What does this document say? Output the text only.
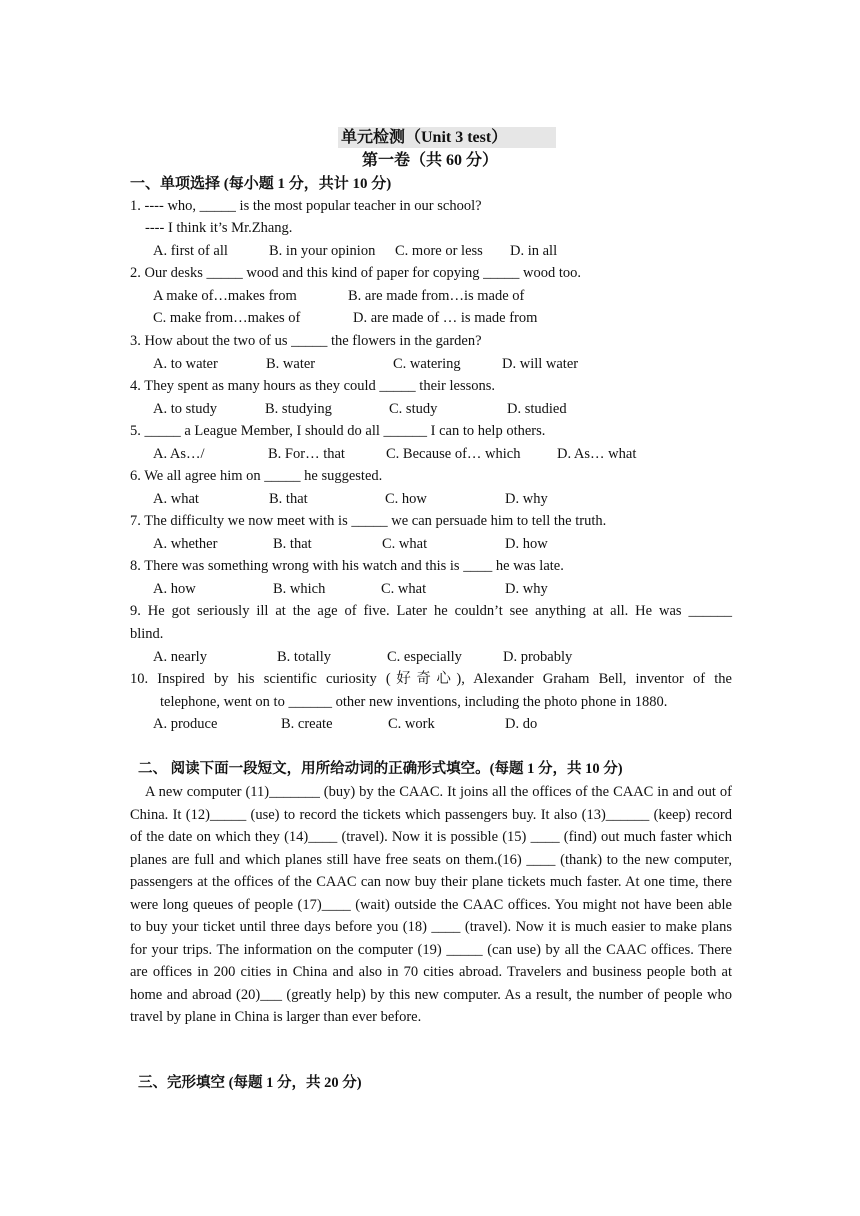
单元检测（Unit 3 test）
第一卷（共 60 分）
一、单项选择 (每小题 1 分，共计 10 分)
1. ---- who, _____ is the most popular teacher in our school?
---- I think it’s Mr.Zhang.
A. first of all	B. in your opinion C. more or less D. in all
2. Our desks _____ wood and this kind of paper for copying _____ wood too.
A make of…makes from	B. are made from…is made of
C. make from…makes of	D. are made of … is made from
3. How about the two of us _____ the flowers in the garden?
A. to water	B. water	C. watering	D. will water
4. They spent as many hours as they could _____ their lessons.
A. to study	B. studying	C. study	D. studied
5. _____ a League Member, I should do all ______ I can to help others.
A. As…/	B. For… that	C. Because of… which	D. As… what
6. We all agree him on _____ he suggested.
A. what	B. that	C. how	D. why
7. The difficulty we now meet with is _____ we can persuade him to tell the truth.
A. whether	B. that	C. what	D. how
8. There was something wrong with his watch and this is ____ he was late.
A. how	B. which	C. what	D. why
9. He got seriously ill at the age of five. Later he couldn’t see anything at all. He was ______
blind.
A. nearly	B. totally	C. especially	D. probably
10. Inspired by his scientific curiosity (好奇心), Alexander Graham Bell, inventor of the
telephone, went on to ______ other new inventions, including the photo phone in 1880.
A. produce	B. create	C. work	D. do
二、 阅读下面一段短文，用所给动词的正确形式填空。(每题 1 分，共 10 分)

A new computer (11)_______ (buy) by the CAAC. It joins all the offices of the CAAC in and out of China. It (12)_____ (use) to record the tickets which passengers buy. It also (13)______ (keep) record of the date on which they (14)____ (travel). Now it is possible (15) ____ (find) out much faster which planes are full and which planes still have free seats on them.(16) ____ (thank) to the new computer, passengers at the offices of the CAAC can now buy their plane tickets much faster. At one time, there were long queues of people (17)____ (wait) outside the CAAC offices. You might not have been able to buy your ticket until three days before you (18) ____ (travel). Now it is much easier to make plans for your trips. The information on the computer (19) _____ (can use) by all the CAAC offices. There are offices in 200 cities in China and also in 70 cities abroad. Travelers and business people both at home and abroad (20)___ (greatly help) by this new computer. As a result, the number of people who travel by plane in China is larger than ever before.

三、完形填空 (每题 1 分，共 20 分)
